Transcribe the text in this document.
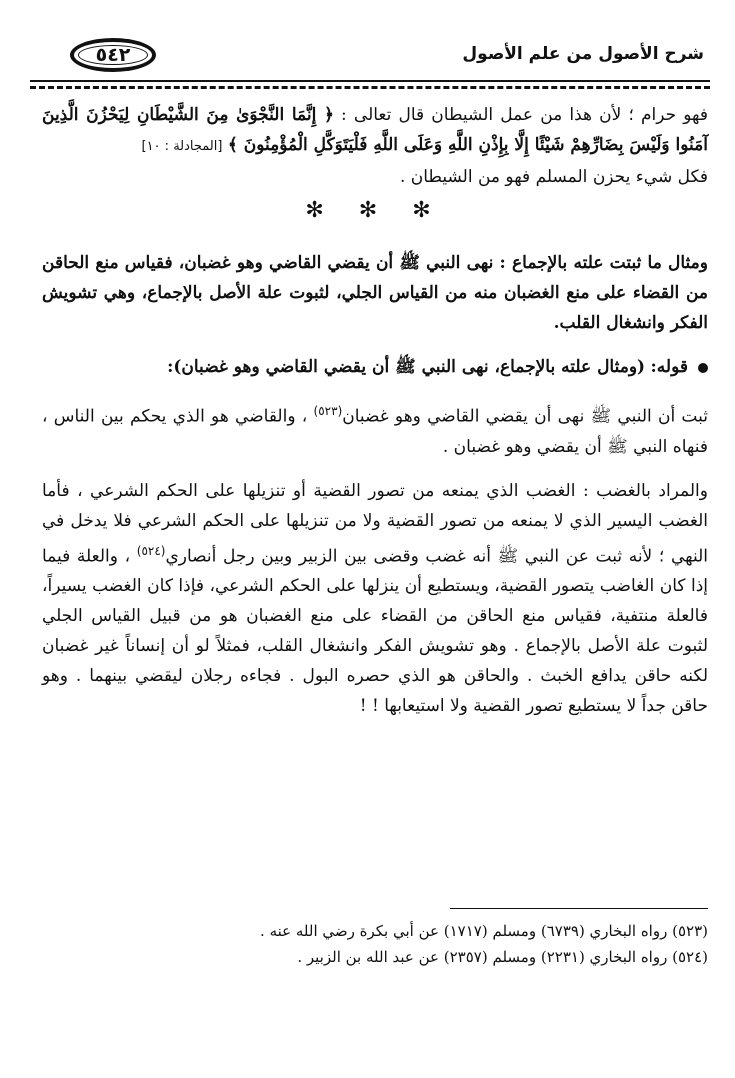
٥٤٢	شرح الأصول من علم الأصول

فهو حرام ؛ لأن هذا من عمل الشيطان قال تعالى : ﴿ إِنَّمَا النَّجْوَىٰ مِنَ الشَّيْطَانِ لِيَحْزُنَ الَّذِينَ آمَنُوا وَلَيْسَ بِضَارِّهِمْ شَيْئًا إِلَّا بِإِذْنِ اللَّهِ وَعَلَى اللَّهِ فَلْيَتَوَكَّلِ الْمُؤْمِنُونَ ﴾ [المجادلة : ١٠]

فكل شيء يحزن المسلم فهو من الشيطان .

✻ ✻ ✻

ومثال ما ثبتت علته بالإجماع : نهى النبي ﷺ أن يقضي القاضي وهو غضبان، فقياس منع الحاقن من القضاء على منع الغضبان منه من القياس الجلي، لثبوت علة الأصل بالإجماع، وهي تشويش الفكر وانشغال القلب.

قوله: (ومثال علته بالإجماع، نهى النبي ﷺ أن يقضي القاضي وهو غضبان):

ثبت أن النبي ﷺ نهى أن يقضي القاضي وهو غضبان$^{(٥٢٣)}$ ، والقاضي هو الذي يحكم بين الناس ، فنهاه النبي ﷺ أن يقضي وهو غضبان .

والمراد بالغضب : الغضب الذي يمنعه من تصور القضية أو تنزيلها على الحكم الشرعي ، فأما الغضب اليسير الذي لا يمنعه من تصور القضية ولا من تنزيلها على الحكم الشرعي فلا يدخل في النهي ؛ لأنه ثبت عن النبي ﷺ أنه غضب وقضى بين الزبير وبين رجل أنصاري$^{(٥٢٤)}$ ، والعلة فيما إذا كان الغاضب يتصور القضية، ويستطيع أن ينزلها على الحكم الشرعي، فإذا كان الغضب يسيراً، فالعلة منتفية، فقياس منع الحاقن من القضاء على منع الغضبان هو من قبيل القياس الجلي لثبوت علة الأصل بالإجماع . وهو تشويش الفكر وانشغال القلب، فمثلاً لو أن إنساناً غير غضبان لكنه حاقن يدافع الخبث . والحاقن هو الذي حصره البول . فجاءه رجلان ليقضي بينهما . وهو حاقن جداً لا يستطيع تصور القضية ولا استيعابها ! !

(٥٢٣) رواه البخاري (٦٧٣٩) ومسلم (١٧١٧) عن أبي بكرة رضي الله عنه .

(٥٢٤) رواه البخاري (٢٢٣١) ومسلم (٢٣٥٧) عن عبد الله بن الزبير .
